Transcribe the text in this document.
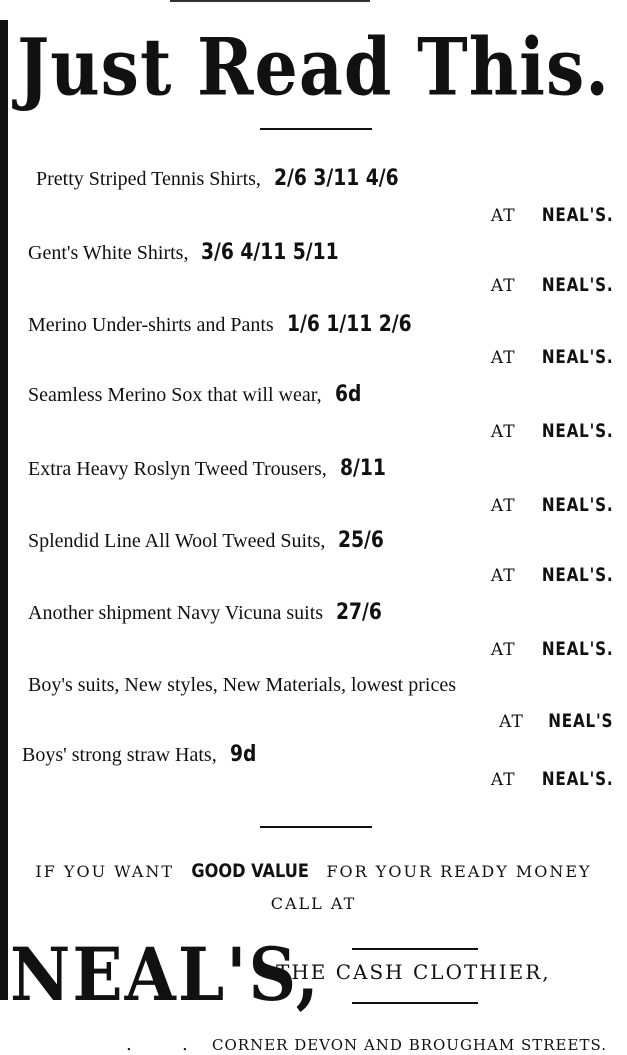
Just Read This.
Pretty Striped Tennis Shirts, 2/6 3/11 4/6
AT NEAL'S.
Gent's White Shirts, 3/6 4/11 5/11
AT NEAL'S.
Merino Under-shirts and Pants 1/6 1/11 2/6
AT NEAL'S.
Seamless Merino Sox that will wear, 6d
AT NEAL'S.
Extra Heavy Roslyn Tweed Trousers, 8/11
AT NEAL'S.
Splendid Line All Wool Tweed Suits, 25/6
AT NEAL'S.
Another shipment Navy Vicuna suits 27/6
AT NEAL'S.
Boy's suits, New styles, New Materials, lowest prices
AT NEAL'S
Boys' strong straw Hats, 9d
AT NEAL'S.
IF YOU WANT GOOD VALUE FOR YOUR READY MONEY
CALL AT
NEAL'S,
THE CASH CLOTHIER,
.	. CORNER DEVON AND BROUGHAM STREETS.
